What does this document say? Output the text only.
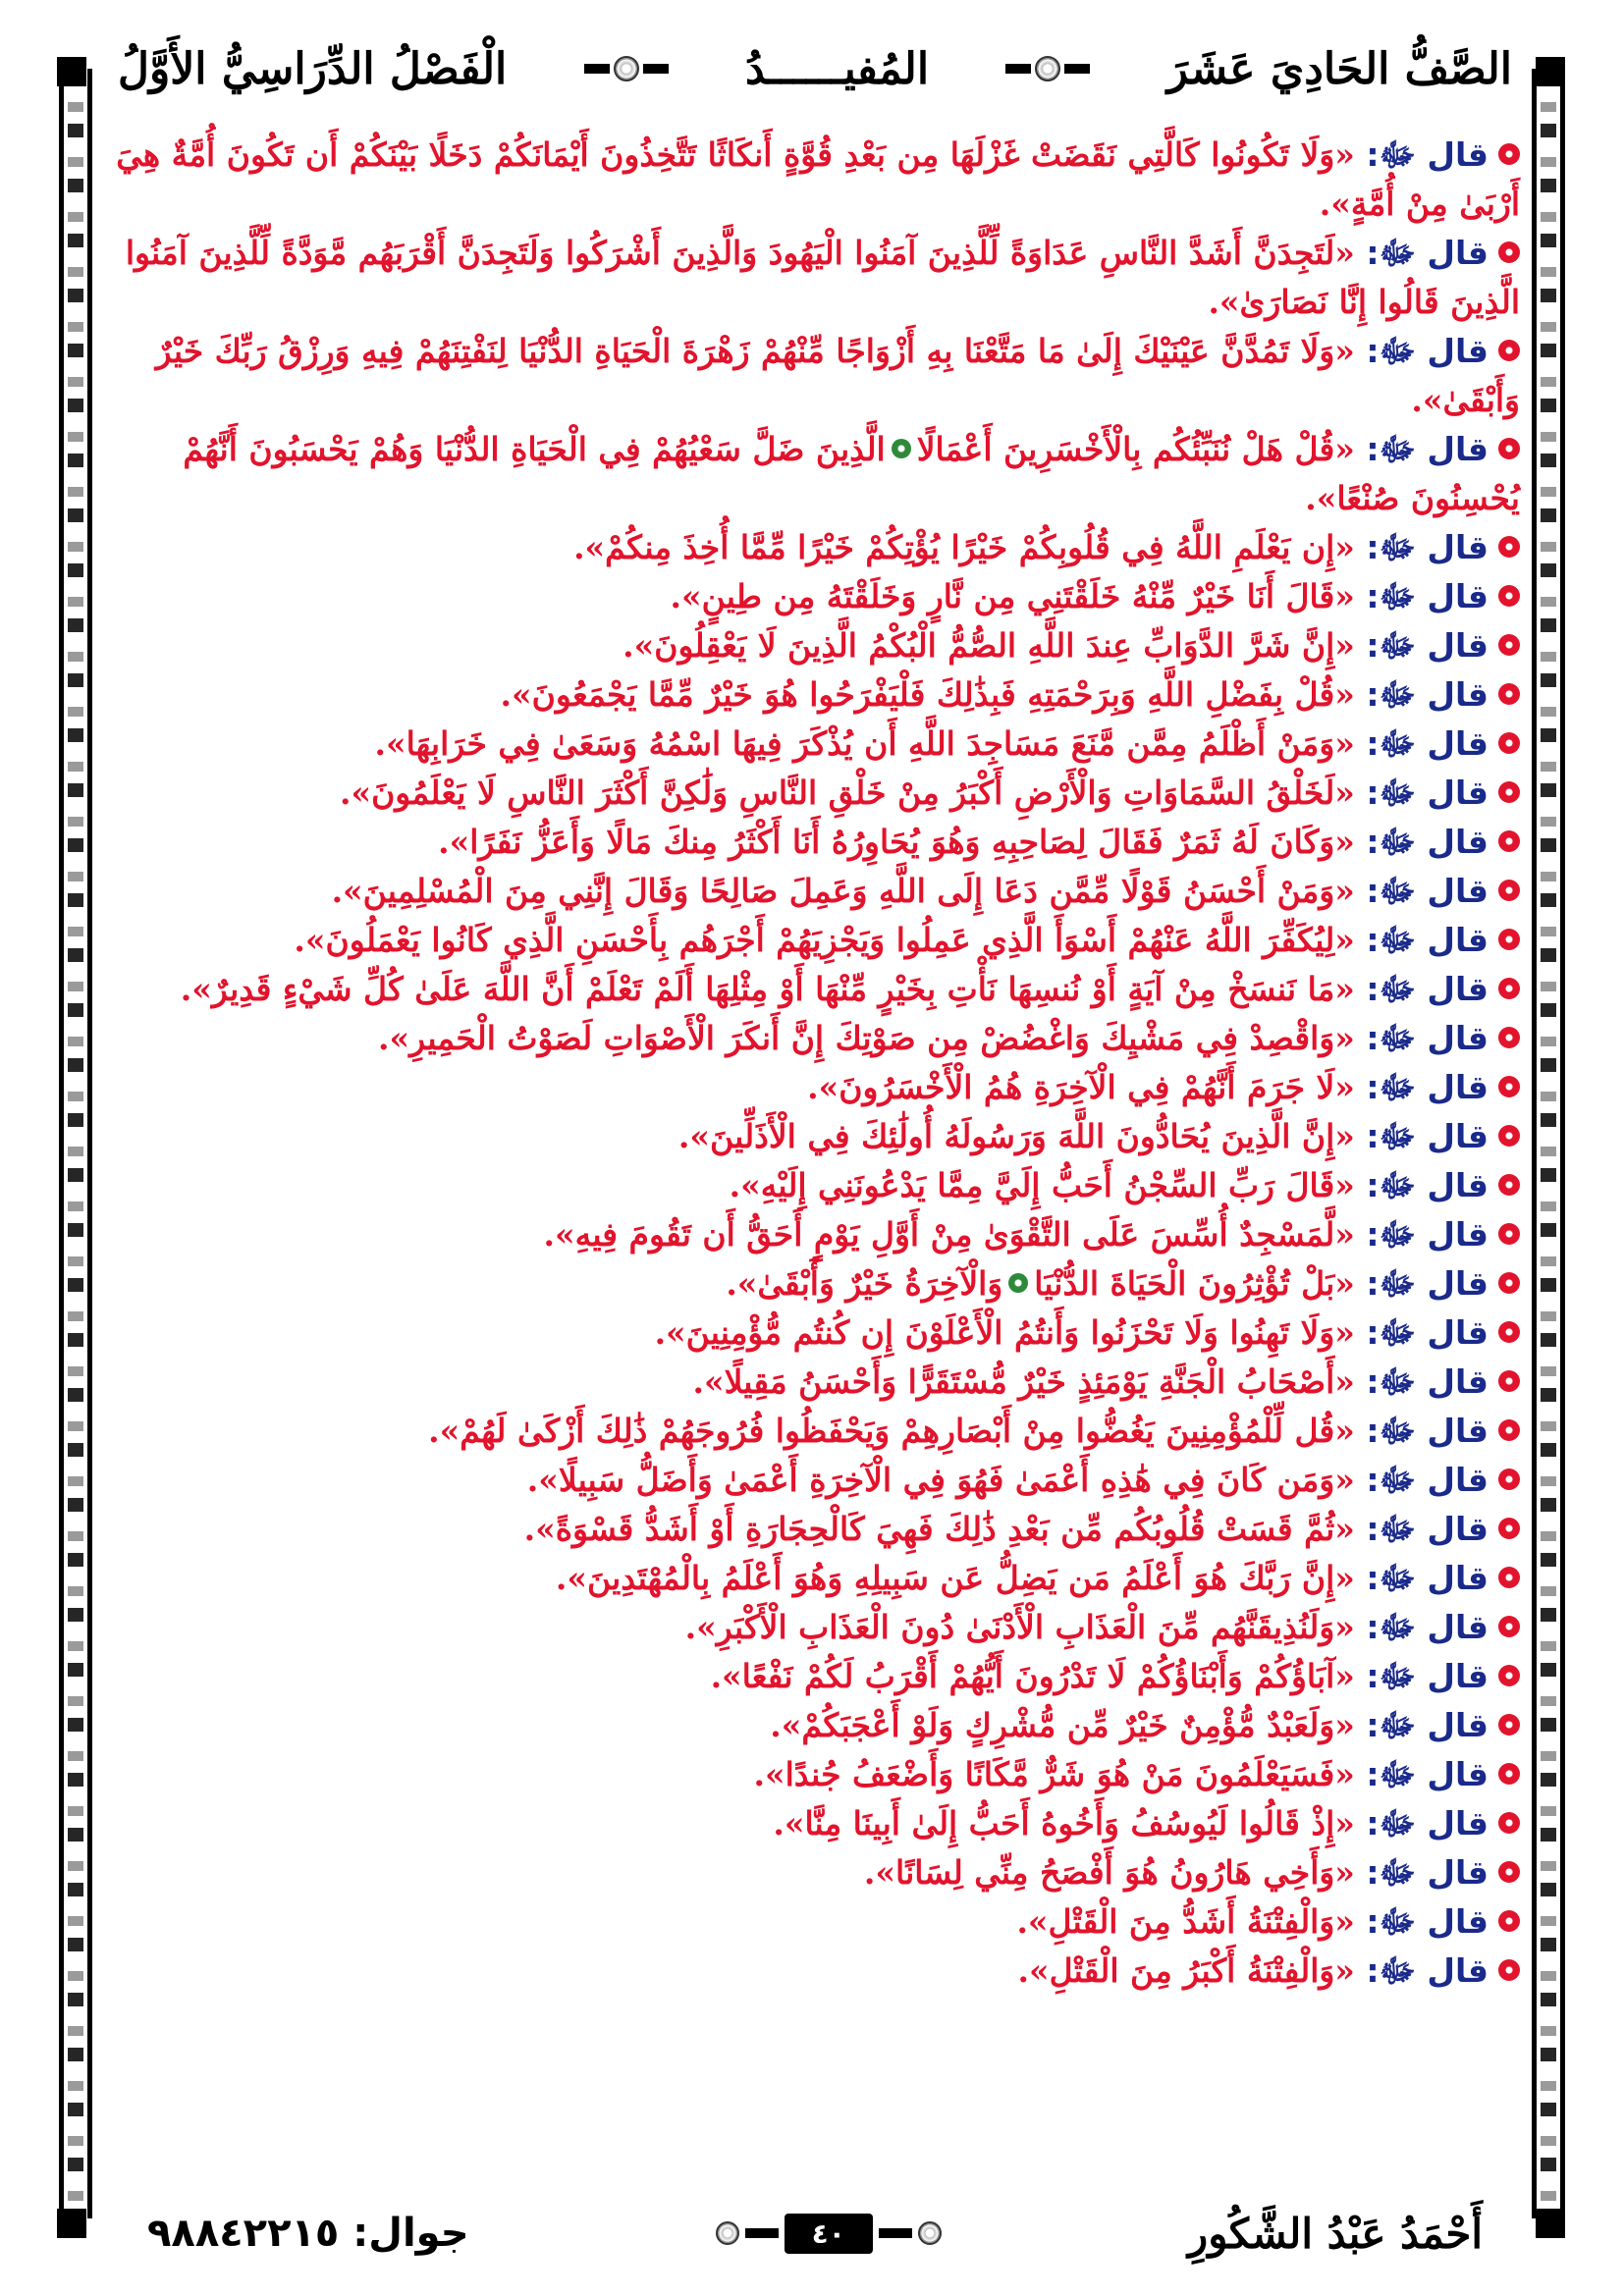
الصَّفُّ الحَادِيَ عَشَرَ
المُفيــــــدُ
الْفَصْلُ الدِّرَاسِيُّ الأَوَّلُ

قال ﷻ: «وَلَا تَكُونُوا كَالَّتِي نَقَضَتْ غَزْلَهَا مِن بَعْدِ قُوَّةٍ أَنكَاثًا تَتَّخِذُونَ أَيْمَانَكُمْ دَخَلًا بَيْنَكُمْ أَن تَكُونَ أُمَّةٌ هِيَ أَرْبَىٰ مِنْ أُمَّةٍ».

قال ﷻ: «لَتَجِدَنَّ أَشَدَّ النَّاسِ عَدَاوَةً لِّلَّذِينَ آمَنُوا الْيَهُودَ وَالَّذِينَ أَشْرَكُوا وَلَتَجِدَنَّ أَقْرَبَهُم مَّوَدَّةً لِّلَّذِينَ آمَنُوا الَّذِينَ قَالُوا إِنَّا نَصَارَىٰ».

قال ﷻ: «وَلَا تَمُدَّنَّ عَيْنَيْكَ إِلَىٰ مَا مَتَّعْنَا بِهِ أَزْوَاجًا مِّنْهُمْ زَهْرَةَ الْحَيَاةِ الدُّنْيَا لِنَفْتِنَهُمْ فِيهِ وَرِزْقُ رَبِّكَ خَيْرٌ وَأَبْقَىٰ».

قال ﷻ: «قُلْ هَلْ نُنَبِّئُكُم بِالْأَخْسَرِينَ أَعْمَالًاالَّذِينَ ضَلَّ سَعْيُهُمْ فِي الْحَيَاةِ الدُّنْيَا وَهُمْ يَحْسَبُونَ أَنَّهُمْ يُحْسِنُونَ صُنْعًا».

قال ﷻ: «إِن يَعْلَمِ اللَّهُ فِي قُلُوبِكُمْ خَيْرًا يُؤْتِكُمْ خَيْرًا مِّمَّا أُخِذَ مِنكُمْ».

قال ﷻ: «قَالَ أَنَا خَيْرٌ مِّنْهُ خَلَقْتَنِي مِن نَّارٍ وَخَلَقْتَهُ مِن طِينٍ».

قال ﷻ: «إِنَّ شَرَّ الدَّوَابِّ عِندَ اللَّهِ الصُّمُّ الْبُكْمُ الَّذِينَ لَا يَعْقِلُونَ».

قال ﷻ: «قُلْ بِفَضْلِ اللَّهِ وَبِرَحْمَتِهِ فَبِذَٰلِكَ فَلْيَفْرَحُوا هُوَ خَيْرٌ مِّمَّا يَجْمَعُونَ».

قال ﷻ: «وَمَنْ أَظْلَمُ مِمَّن مَّنَعَ مَسَاجِدَ اللَّهِ أَن يُذْكَرَ فِيهَا اسْمُهُ وَسَعَىٰ فِي خَرَابِهَا».

قال ﷻ: «لَخَلْقُ السَّمَاوَاتِ وَالْأَرْضِ أَكْبَرُ مِنْ خَلْقِ النَّاسِ وَلَٰكِنَّ أَكْثَرَ النَّاسِ لَا يَعْلَمُونَ».

قال ﷻ: «وَكَانَ لَهُ ثَمَرٌ فَقَالَ لِصَاحِبِهِ وَهُوَ يُحَاوِرُهُ أَنَا أَكْثَرُ مِنكَ مَالًا وَأَعَزُّ نَفَرًا».

قال ﷻ: «وَمَنْ أَحْسَنُ قَوْلًا مِّمَّن دَعَا إِلَى اللَّهِ وَعَمِلَ صَالِحًا وَقَالَ إِنَّنِي مِنَ الْمُسْلِمِينَ».

قال ﷻ: «لِيُكَفِّرَ اللَّهُ عَنْهُمْ أَسْوَأَ الَّذِي عَمِلُوا وَيَجْزِيَهُمْ أَجْرَهُم بِأَحْسَنِ الَّذِي كَانُوا يَعْمَلُونَ».

قال ﷻ: «مَا نَنسَخْ مِنْ آيَةٍ أَوْ نُنسِهَا نَأْتِ بِخَيْرٍ مِّنْهَا أَوْ مِثْلِهَا أَلَمْ تَعْلَمْ أَنَّ اللَّهَ عَلَىٰ كُلِّ شَيْءٍ قَدِيرٌ».

قال ﷻ: «وَاقْصِدْ فِي مَشْيِكَ وَاغْضُضْ مِن صَوْتِكَ إِنَّ أَنكَرَ الْأَصْوَاتِ لَصَوْتُ الْحَمِيرِ».

قال ﷻ: «لَا جَرَمَ أَنَّهُمْ فِي الْآخِرَةِ هُمُ الْأَخْسَرُونَ».

قال ﷻ: «إِنَّ الَّذِينَ يُحَادُّونَ اللَّهَ وَرَسُولَهُ أُولَٰئِكَ فِي الْأَذَلِّينَ».

قال ﷻ: «قَالَ رَبِّ السِّجْنُ أَحَبُّ إِلَيَّ مِمَّا يَدْعُونَنِي إِلَيْهِ».

قال ﷻ: «لَّمَسْجِدٌ أُسِّسَ عَلَى التَّقْوَىٰ مِنْ أَوَّلِ يَوْمٍ أَحَقُّ أَن تَقُومَ فِيهِ».

قال ﷻ: «بَلْ تُؤْثِرُونَ الْحَيَاةَ الدُّنْيَاوَالْآخِرَةُ خَيْرٌ وَأَبْقَىٰ».

قال ﷻ: «وَلَا تَهِنُوا وَلَا تَحْزَنُوا وَأَنتُمُ الْأَعْلَوْنَ إِن كُنتُم مُّؤْمِنِينَ».

قال ﷻ: «أَصْحَابُ الْجَنَّةِ يَوْمَئِذٍ خَيْرٌ مُّسْتَقَرًّا وَأَحْسَنُ مَقِيلًا».

قال ﷻ: «قُل لِّلْمُؤْمِنِينَ يَغُضُّوا مِنْ أَبْصَارِهِمْ وَيَحْفَظُوا فُرُوجَهُمْ ذَٰلِكَ أَزْكَىٰ لَهُمْ».

قال ﷻ: «وَمَن كَانَ فِي هَٰذِهِ أَعْمَىٰ فَهُوَ فِي الْآخِرَةِ أَعْمَىٰ وَأَضَلُّ سَبِيلًا».

قال ﷻ: «ثُمَّ قَسَتْ قُلُوبُكُم مِّن بَعْدِ ذَٰلِكَ فَهِيَ كَالْحِجَارَةِ أَوْ أَشَدُّ قَسْوَةً».

قال ﷻ: «إِنَّ رَبَّكَ هُوَ أَعْلَمُ مَن يَضِلُّ عَن سَبِيلِهِ وَهُوَ أَعْلَمُ بِالْمُهْتَدِينَ».

قال ﷻ: «وَلَنُذِيقَنَّهُم مِّنَ الْعَذَابِ الْأَدْنَىٰ دُونَ الْعَذَابِ الْأَكْبَرِ».

قال ﷻ: «آبَاؤُكُمْ وَأَبْنَاؤُكُمْ لَا تَدْرُونَ أَيُّهُمْ أَقْرَبُ لَكُمْ نَفْعًا».

قال ﷻ: «وَلَعَبْدٌ مُّؤْمِنٌ خَيْرٌ مِّن مُّشْرِكٍ وَلَوْ أَعْجَبَكُمْ».

قال ﷻ: «فَسَيَعْلَمُونَ مَنْ هُوَ شَرٌّ مَّكَانًا وَأَضْعَفُ جُندًا».

قال ﷻ: «إِذْ قَالُوا لَيُوسُفُ وَأَخُوهُ أَحَبُّ إِلَىٰ أَبِينَا مِنَّا».

قال ﷻ: «وَأَخِي هَارُونُ هُوَ أَفْصَحُ مِنِّي لِسَانًا».

قال ﷻ: «وَالْفِتْنَةُ أَشَدُّ مِنَ الْقَتْلِ».

قال ﷻ: «وَالْفِتْنَةُ أَكْبَرُ مِنَ الْقَتْلِ».

أَحْمَدُ عَبْدُ الشَّكُورِ
٤٠
جوال: ٩٨٨٤٢٢١٥
